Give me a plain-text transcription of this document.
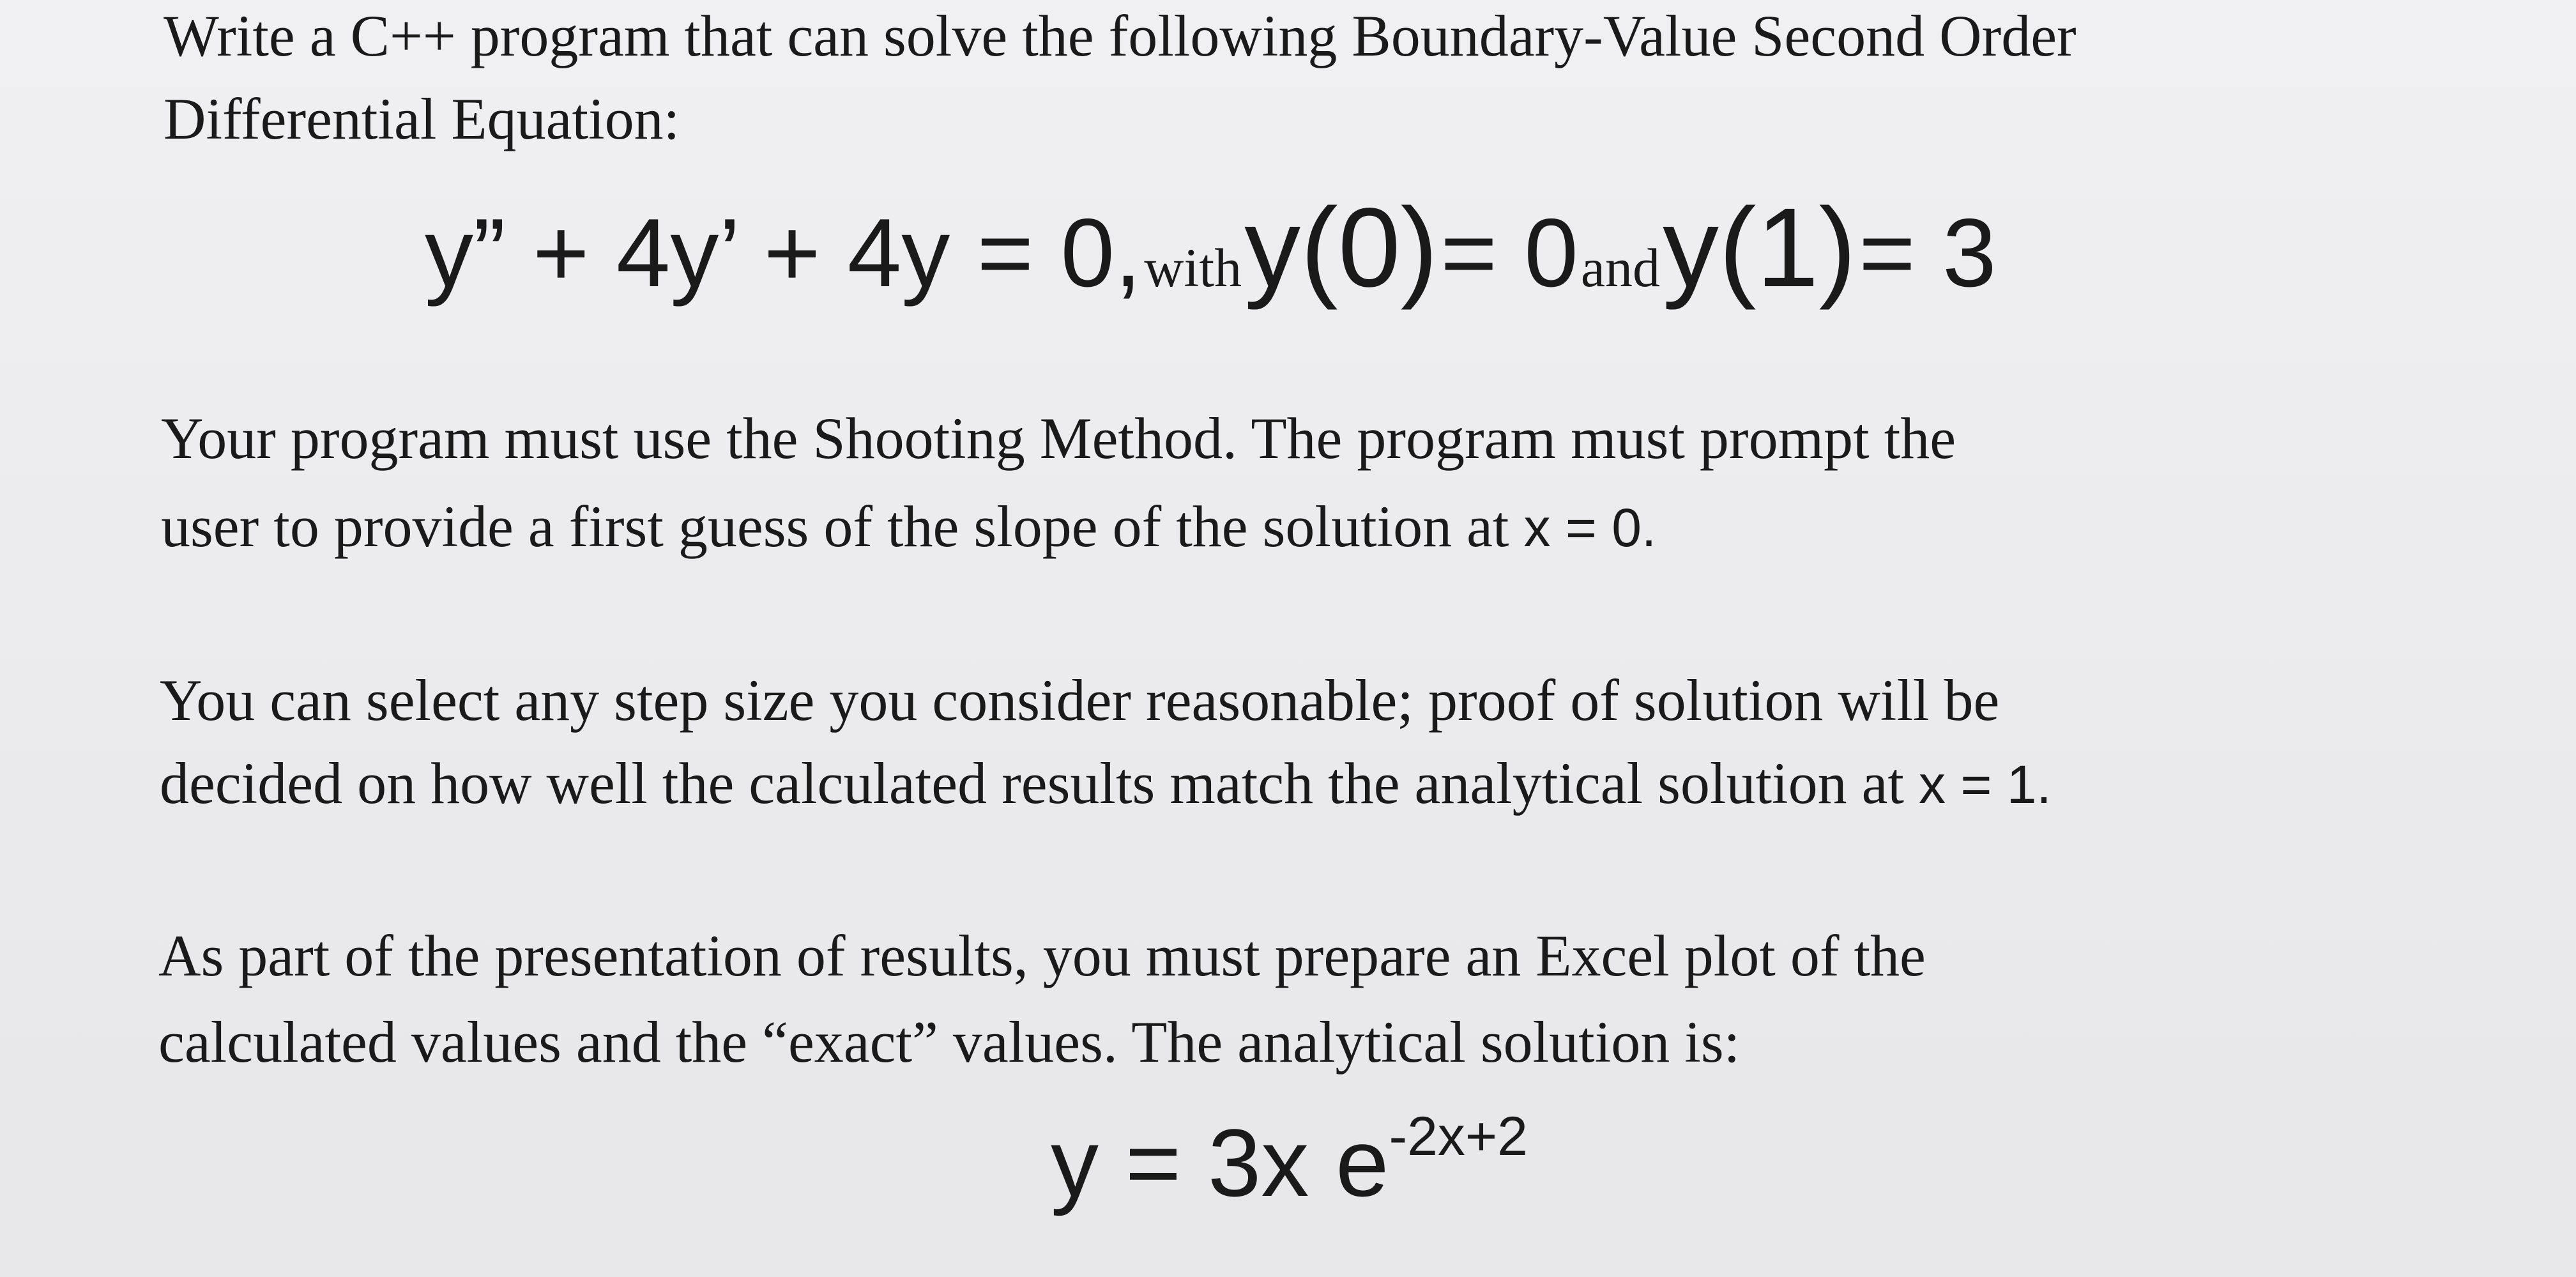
Write a C++ program that can solve the following Boundary-Value Second Order

Differential Equation:

y” + 4y’ + 4y = 0, with y(0) = 0 and y(1) = 3

Your program must use the Shooting Method. The program must prompt the

user to provide a first guess of the slope of the solution at x = 0.

You can select any step size you consider reasonable; proof of solution will be

decided on how well the calculated results match the analytical solution at x = 1.

As part of the presentation of results, you must prepare an Excel plot of the

calculated values and the “exact” values. The analytical solution is:

y = 3x e-2x+2
